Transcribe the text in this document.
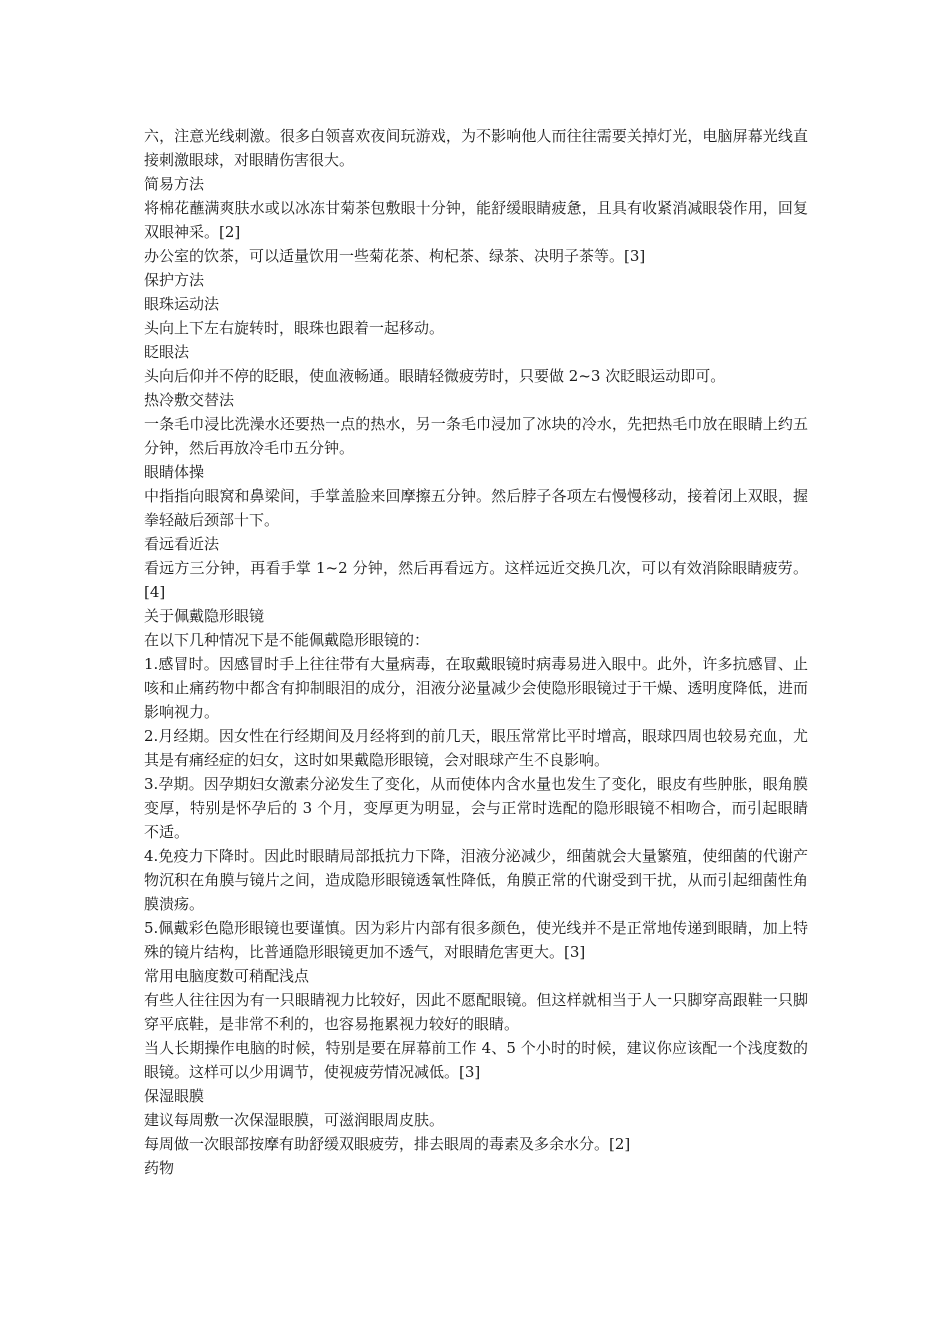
六，注意光线刺激。很多白领喜欢夜间玩游戏，为不影响他人而往往需要关掉灯光，电脑屏幕光线直接刺激眼球，对眼睛伤害很大。

简易方法

将棉花蘸满爽肤水或以冰冻甘菊茶包敷眼十分钟，能舒缓眼睛疲惫，且具有收紧消减眼袋作用，回复双眼神采。[2]

办公室的饮茶，可以适量饮用一些菊花茶、枸杞茶、绿茶、决明子茶等。[3]

保护方法

眼珠运动法

头向上下左右旋转时，眼珠也跟着一起移动。

眨眼法

头向后仰并不停的眨眼，使血液畅通。眼睛轻微疲劳时，只要做 2~3 次眨眼运动即可。

热冷敷交替法

一条毛巾浸比洗澡水还要热一点的热水，另一条毛巾浸加了冰块的冷水，先把热毛巾放在眼睛上约五分钟，然后再放冷毛巾五分钟。

眼睛体操

中指指向眼窝和鼻梁间，手掌盖脸来回摩擦五分钟。然后脖子各项左右慢慢移动，接着闭上双眼，握拳轻敲后颈部十下。

看远看近法

看远方三分钟，再看手掌 1~2 分钟，然后再看远方。这样远近交换几次，可以有效消除眼睛疲劳。[4]

关于佩戴隐形眼镜

在以下几种情况下是不能佩戴隐形眼镜的：

1.感冒时。因感冒时手上往往带有大量病毒，在取戴眼镜时病毒易进入眼中。此外，许多抗感冒、止咳和止痛药物中都含有抑制眼泪的成分，泪液分泌量减少会使隐形眼镜过于干燥、透明度降低，进而影响视力。

2.月经期。因女性在行经期间及月经将到的前几天，眼压常常比平时增高，眼球四周也较易充血，尤其是有痛经症的妇女，这时如果戴隐形眼镜，会对眼球产生不良影响。

3.孕期。因孕期妇女激素分泌发生了变化，从而使体内含水量也发生了变化，眼皮有些肿胀，眼角膜变厚，特别是怀孕后的 3 个月，变厚更为明显，会与正常时选配的隐形眼镜不相吻合，而引起眼睛不适。

4.免疫力下降时。因此时眼睛局部抵抗力下降，泪液分泌减少，细菌就会大量繁殖，使细菌的代谢产物沉积在角膜与镜片之间，造成隐形眼镜透氧性降低，角膜正常的代谢受到干扰，从而引起细菌性角膜溃疡。

5.佩戴彩色隐形眼镜也要谨慎。因为彩片内部有很多颜色，使光线并不是正常地传递到眼睛，加上特殊的镜片结构，比普通隐形眼镜更加不透气，对眼睛危害更大。[3]

常用电脑度数可稍配浅点

有些人往往因为有一只眼睛视力比较好，因此不愿配眼镜。但这样就相当于人一只脚穿高跟鞋一只脚穿平底鞋，是非常不利的，也容易拖累视力较好的眼睛。

当人长期操作电脑的时候，特别是要在屏幕前工作 4、5 个小时的时候，建议你应该配一个浅度数的眼镜。这样可以少用调节，使视疲劳情况减低。[3]

保湿眼膜

建议每周敷一次保湿眼膜，可滋润眼周皮肤。

每周做一次眼部按摩有助舒缓双眼疲劳，排去眼周的毒素及多余水分。[2]

药物
